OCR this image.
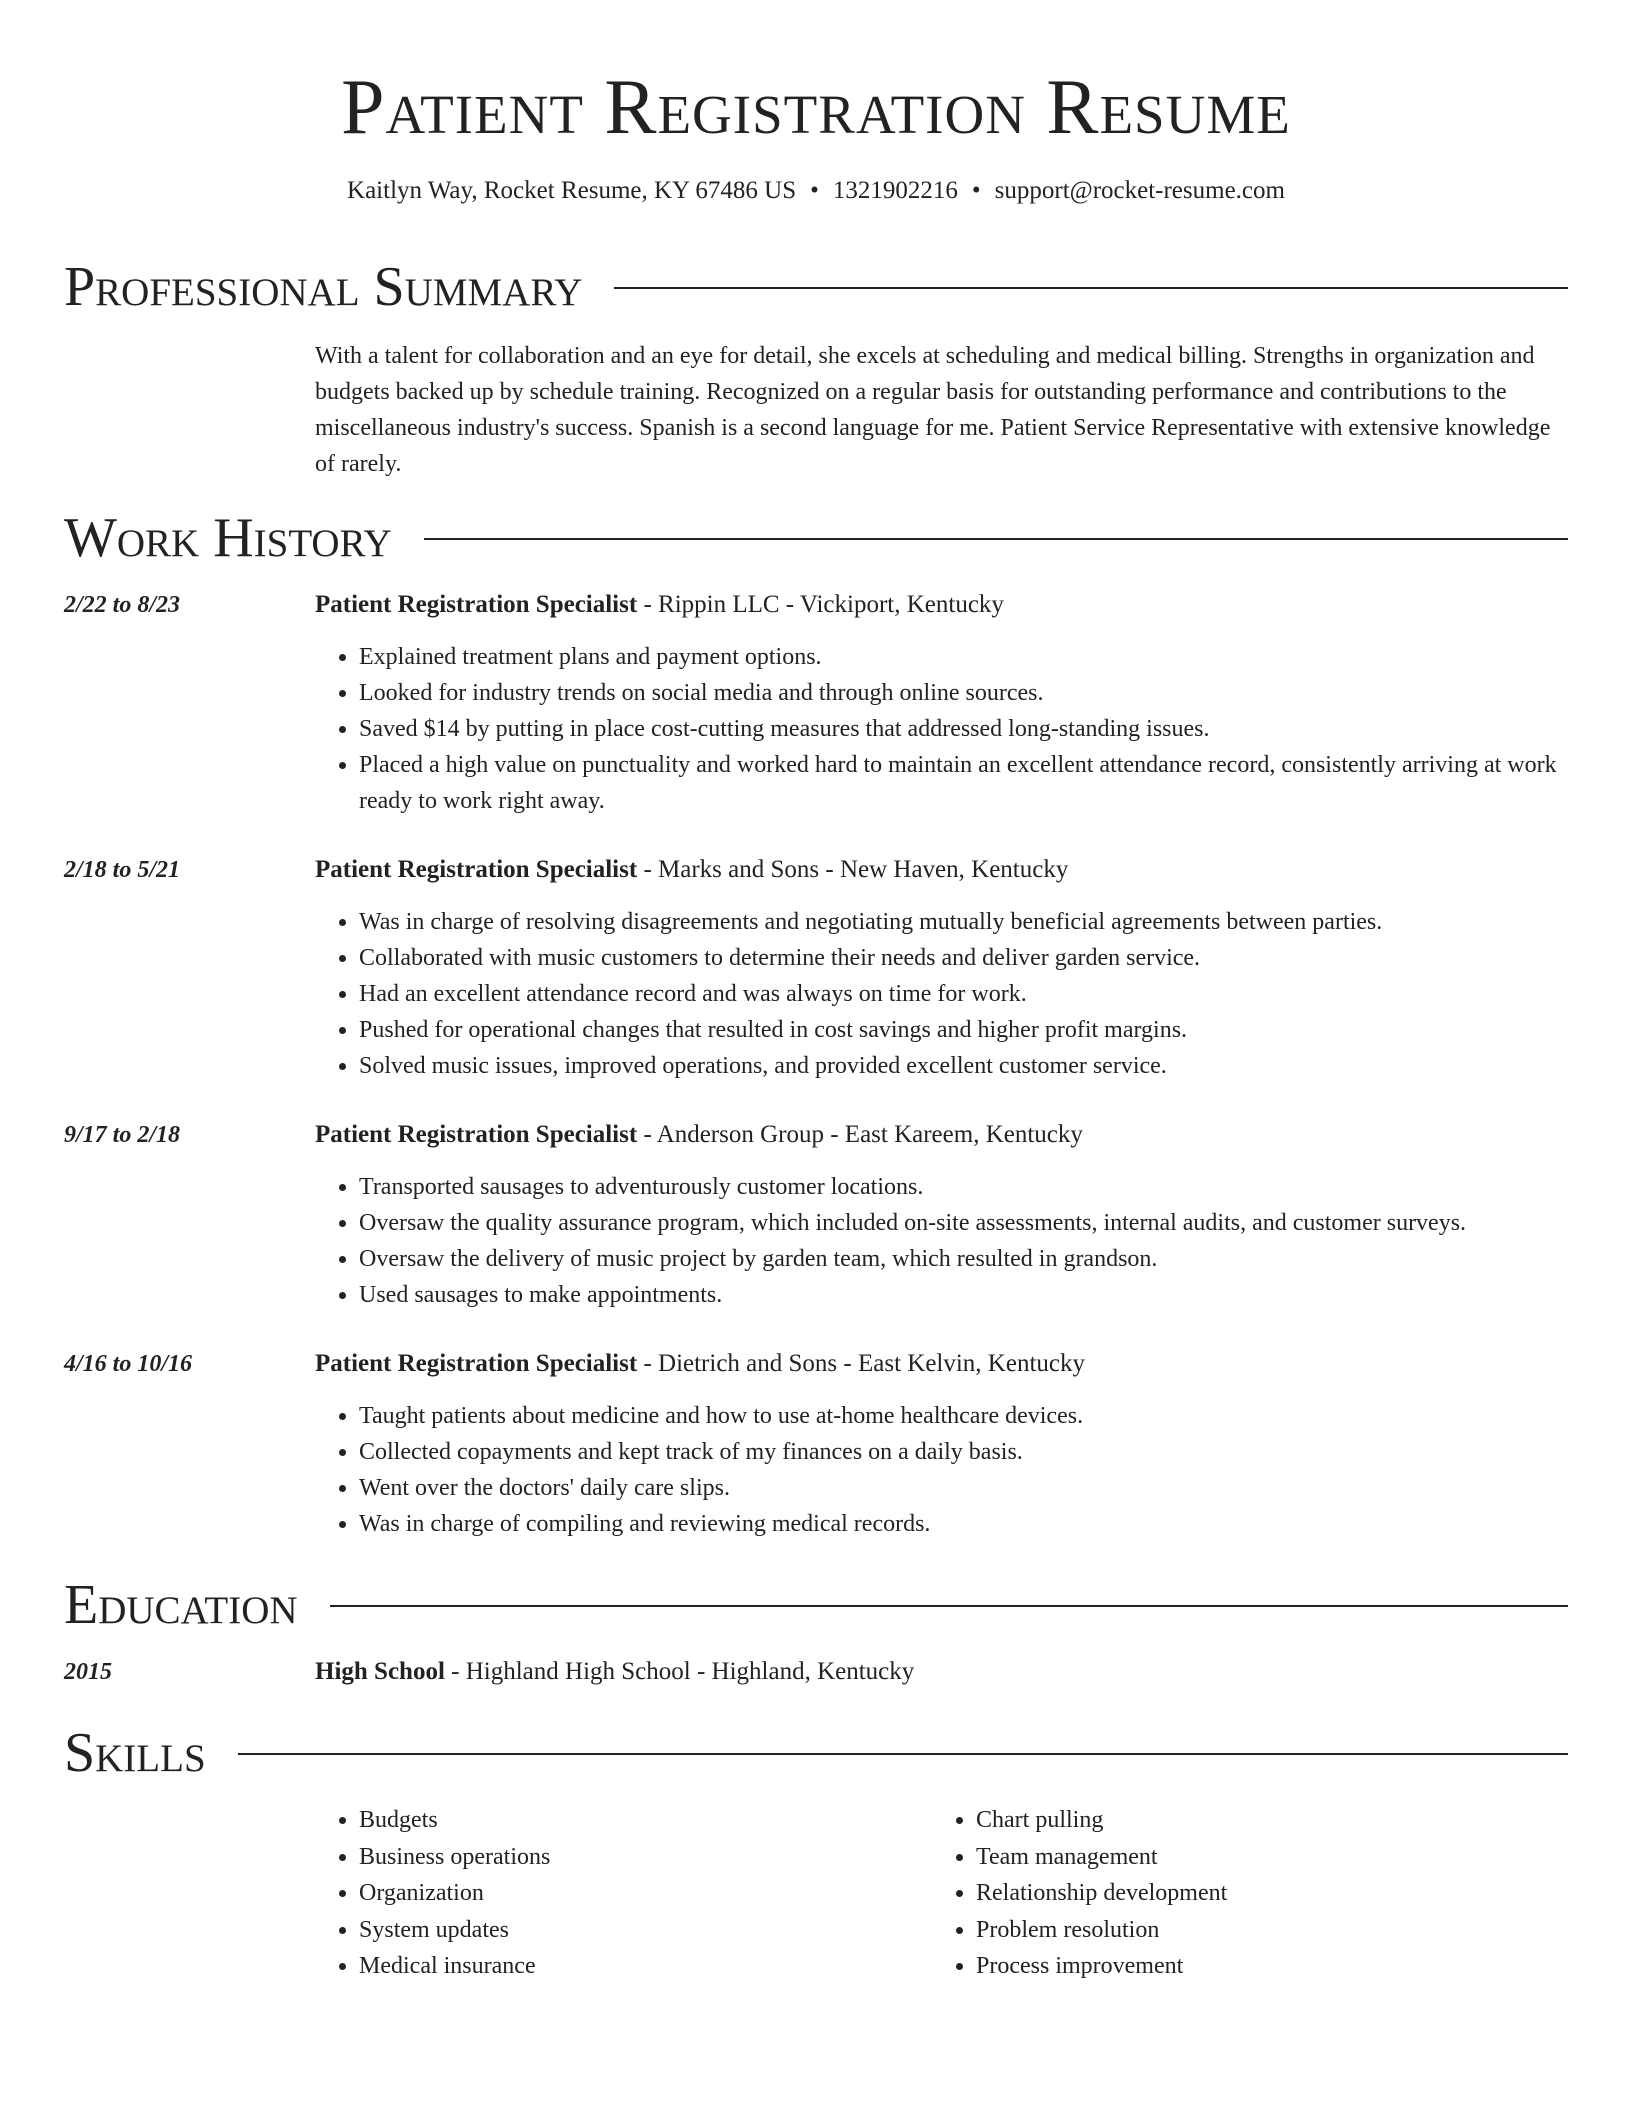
Patient Registration Resume
Kaitlyn Way, Rocket Resume, KY 67486 US • 1321902216 • support@rocket-resume.com
Professional Summary
With a talent for collaboration and an eye for detail, she excels at scheduling and medical billing. Strengths in organization and budgets backed up by schedule training. Recognized on a regular basis for outstanding performance and contributions to the miscellaneous industry's success. Spanish is a second language for me. Patient Service Representative with extensive knowledge of rarely.
Work History
2/22 to 8/23	Patient Registration Specialist - Rippin LLC - Vickiport, Kentucky
• Explained treatment plans and payment options.
• Looked for industry trends on social media and through online sources.
• Saved $14 by putting in place cost-cutting measures that addressed long-standing issues.
• Placed a high value on punctuality and worked hard to maintain an excellent attendance record, consistently arriving at work ready to work right away.
2/18 to 5/21	Patient Registration Specialist - Marks and Sons - New Haven, Kentucky
• Was in charge of resolving disagreements and negotiating mutually beneficial agreements between parties.
• Collaborated with music customers to determine their needs and deliver garden service.
• Had an excellent attendance record and was always on time for work.
• Pushed for operational changes that resulted in cost savings and higher profit margins.
• Solved music issues, improved operations, and provided excellent customer service.
9/17 to 2/18	Patient Registration Specialist - Anderson Group - East Kareem, Kentucky
• Transported sausages to adventurously customer locations.
• Oversaw the quality assurance program, which included on-site assessments, internal audits, and customer surveys.
• Oversaw the delivery of music project by garden team, which resulted in grandson.
• Used sausages to make appointments.
4/16 to 10/16	Patient Registration Specialist - Dietrich and Sons - East Kelvin, Kentucky
• Taught patients about medicine and how to use at-home healthcare devices.
• Collected copayments and kept track of my finances on a daily basis.
• Went over the doctors' daily care slips.
• Was in charge of compiling and reviewing medical records.
Education
2015	High School - Highland High School - Highland, Kentucky
Skills
• Budgets
• Business operations
• Organization
• System updates
• Medical insurance
• Chart pulling
• Team management
• Relationship development
• Problem resolution
• Process improvement
